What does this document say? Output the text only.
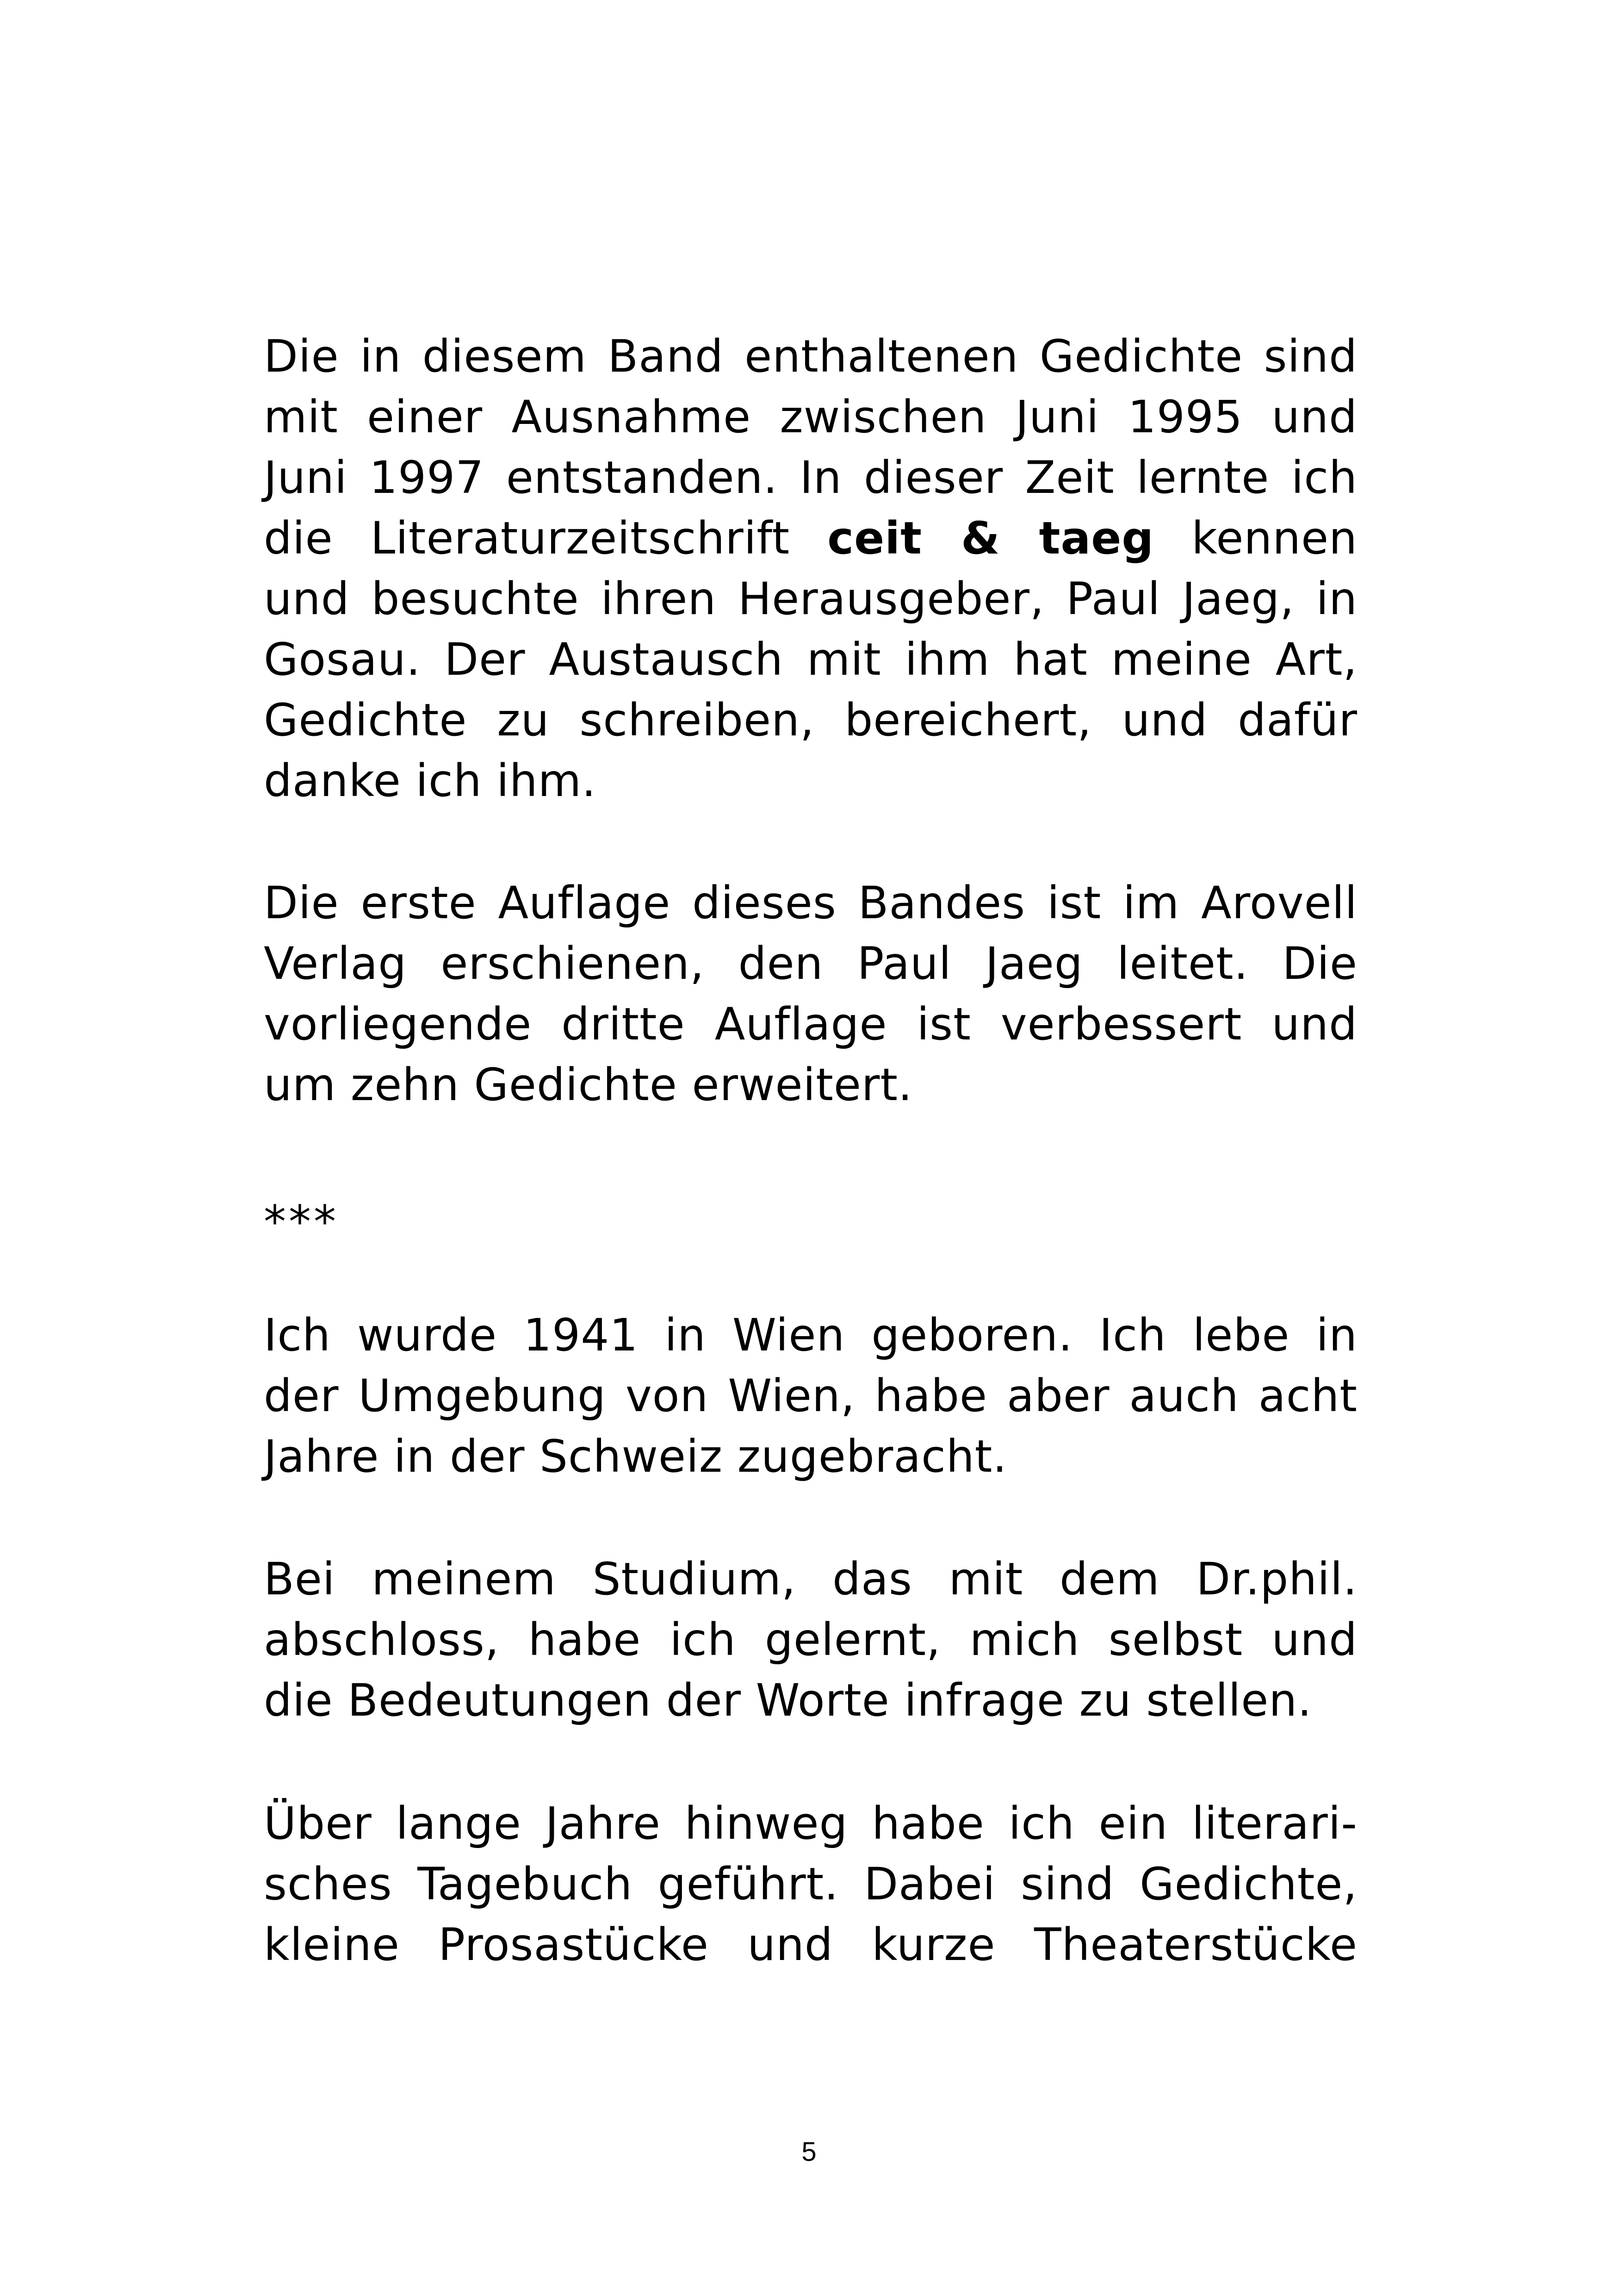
Die in diesem Band enthaltenen Gedichte sind
mit einer Ausnahme zwischen Juni 1995 und
Juni 1997 entstanden. In dieser Zeit lernte ich
die Literaturzeitschrift ceit & taeg kennen
und besuchte ihren Herausgeber, Paul Jaeg, in
Gosau. Der Austausch mit ihm hat meine Art,
Gedichte zu schreiben, bereichert, und dafür
danke ich ihm.
Die erste Auflage dieses Bandes ist im Arovell
Verlag erschienen, den Paul Jaeg leitet. Die
vorliegende dritte Auflage ist verbessert und
um zehn Gedichte erweitert.

***

Ich wurde 1941 in Wien geboren. Ich lebe in
der Umgebung von Wien, habe aber auch acht
Jahre in der Schweiz zugebracht.
Bei meinem Studium, das mit dem Dr.phil.
abschloss, habe ich gelernt, mich selbst und
die Bedeutungen der Worte infrage zu stellen.
Über lange Jahre hinweg habe ich ein literari-
sches Tagebuch geführt. Dabei sind Gedichte,
kleine Prosastücke und kurze Theaterstücke

5
